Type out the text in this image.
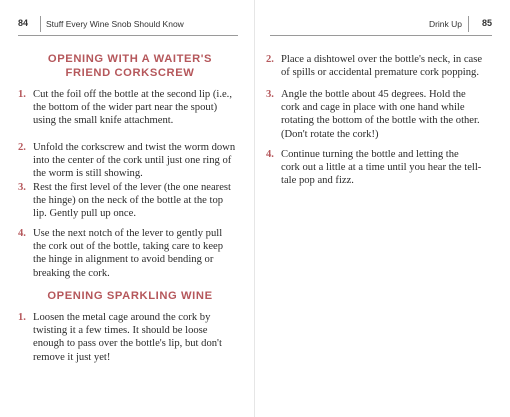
84 Stuff Every Wine Snob Should Know	Drink Up 85
OPENING WITH A WAITER'S
FRIEND CORKSCREW
1. Cut the foil off the bottle at the second lip (i.e.,
the bottom of the wider part near the spout)
using the small knife attachment.
2. Unfold the corkscrew and twist the worm down
into the center of the cork until just one ring of
the worm is still showing.
3. Rest the first level of the lever (the one nearest
the hinge) on the neck of the bottle at the top
lip. Gently pull up once.
4. Use the next notch of the lever to gently pull
the cork out of the bottle, taking care to keep
the hinge in alignment to avoid bending or
breaking the cork.
OPENING SPARKLING WINE
1. Loosen the metal cage around the cork by
twisting it a few times. It should be loose
enough to pass over the bottle's lip, but don't
remove it just yet!
2. Place a dishtowel over the bottle's neck, in case
of spills or accidental premature cork popping.
3. Angle the bottle about 45 degrees. Hold the
cork and cage in place with one hand while
rotating the bottom of the bottle with the other.
(Don't rotate the cork!)
4. Continue turning the bottle and letting the
cork out a little at a time until you hear the tell-
tale pop and fizz.
